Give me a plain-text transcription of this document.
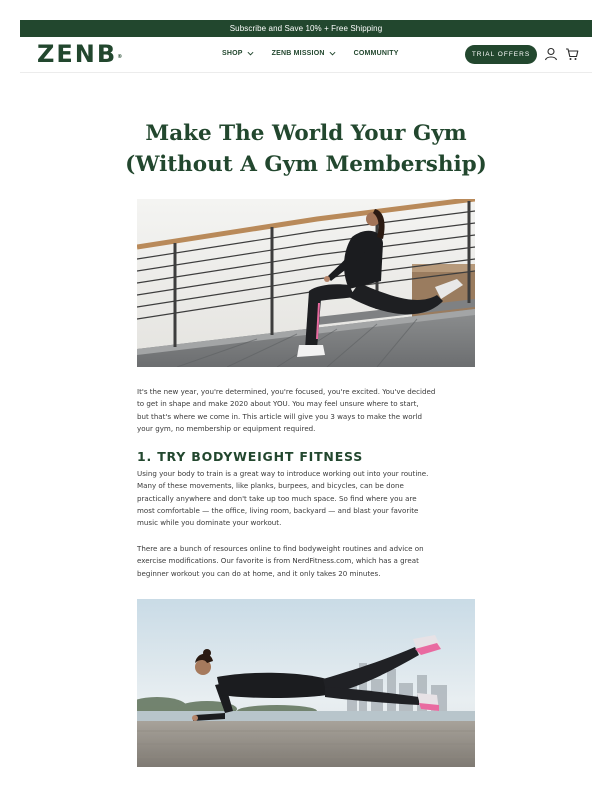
Subscribe and Save 10% + Free Shipping
ZENB®	SHOP	ZENB MISSION	COMMUNITY	TRIAL OFFERS
Make The World Your Gym
(Without A Gym Membership)
It's the new year, you're determined, you're focused, you're excited. You've decided
to get in shape and make 2020 about YOU. You may feel unsure where to start,
but that's where we come in. This article will give you 3 ways to make the world
your gym, no membership or equipment required.
1. TRY BODYWEIGHT FITNESS
Using your body to train is a great way to introduce working out into your routine.
Many of these movements, like planks, burpees, and bicycles, can be done
practically anywhere and don't take up too much space. So find where you are
most comfortable — the office, living room, backyard — and blast your favorite
music while you dominate your workout.
There are a bunch of resources online to find bodyweight routines and advice on
exercise modifications. Our favorite is from NerdFitness.com, which has a great
beginner workout you can do at home, and it only takes 20 minutes.
